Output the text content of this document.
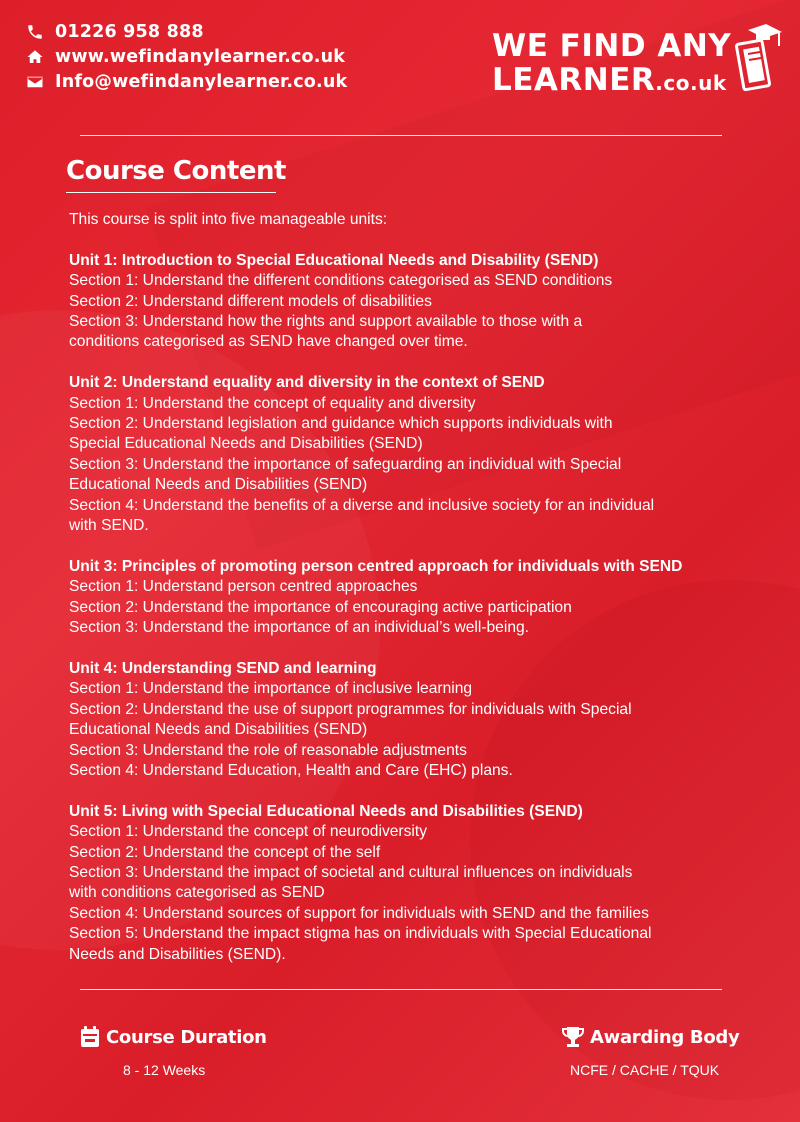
01226 958 888
www.wefindanylearner.co.uk
Info@wefindanylearner.co.uk
WE FIND ANY
LEARNER.co.uk
Course Content

This course is split into five manageable units:

Unit 1: Introduction to Special Educational Needs and Disability (SEND)

Section 1: Understand the different conditions categorised as SEND conditions

Section 2: Understand different models of disabilities

Section 3: Understand how the rights and support available to those with a

conditions categorised as SEND have changed over time.

Unit 2: Understand equality and diversity in the context of SEND

Section 1: Understand the concept of equality and diversity

Section 2: Understand legislation and guidance which supports individuals with

Special Educational Needs and Disabilities (SEND)

Section 3: Understand the importance of safeguarding an individual with Special

Educational Needs and Disabilities (SEND)

Section 4: Understand the benefits of a diverse and inclusive society for an individual

with SEND.

Unit 3: Principles of promoting person centred approach for individuals with SEND

Section 1: Understand person centred approaches

Section 2: Understand the importance of encouraging active participation

Section 3: Understand the importance of an individual’s well-being.

Unit 4: Understanding SEND and learning

Section 1: Understand the importance of inclusive learning

Section 2: Understand the use of support programmes for individuals with Special

Educational Needs and Disabilities (SEND)

Section 3: Understand the role of reasonable adjustments

Section 4: Understand Education, Health and Care (EHC) plans.

Unit 5: Living with Special Educational Needs and Disabilities (SEND)

Section 1: Understand the concept of neurodiversity

Section 2: Understand the concept of the self

Section 3: Understand the impact of societal and cultural influences on individuals

with conditions categorised as SEND

Section 4: Understand sources of support for individuals with SEND and the families

Section 5: Understand the impact stigma has on individuals with Special Educational

Needs and Disabilities (SEND).

Course Duration
8 - 12 Weeks
Awarding Body
NCFE / CACHE / TQUK
